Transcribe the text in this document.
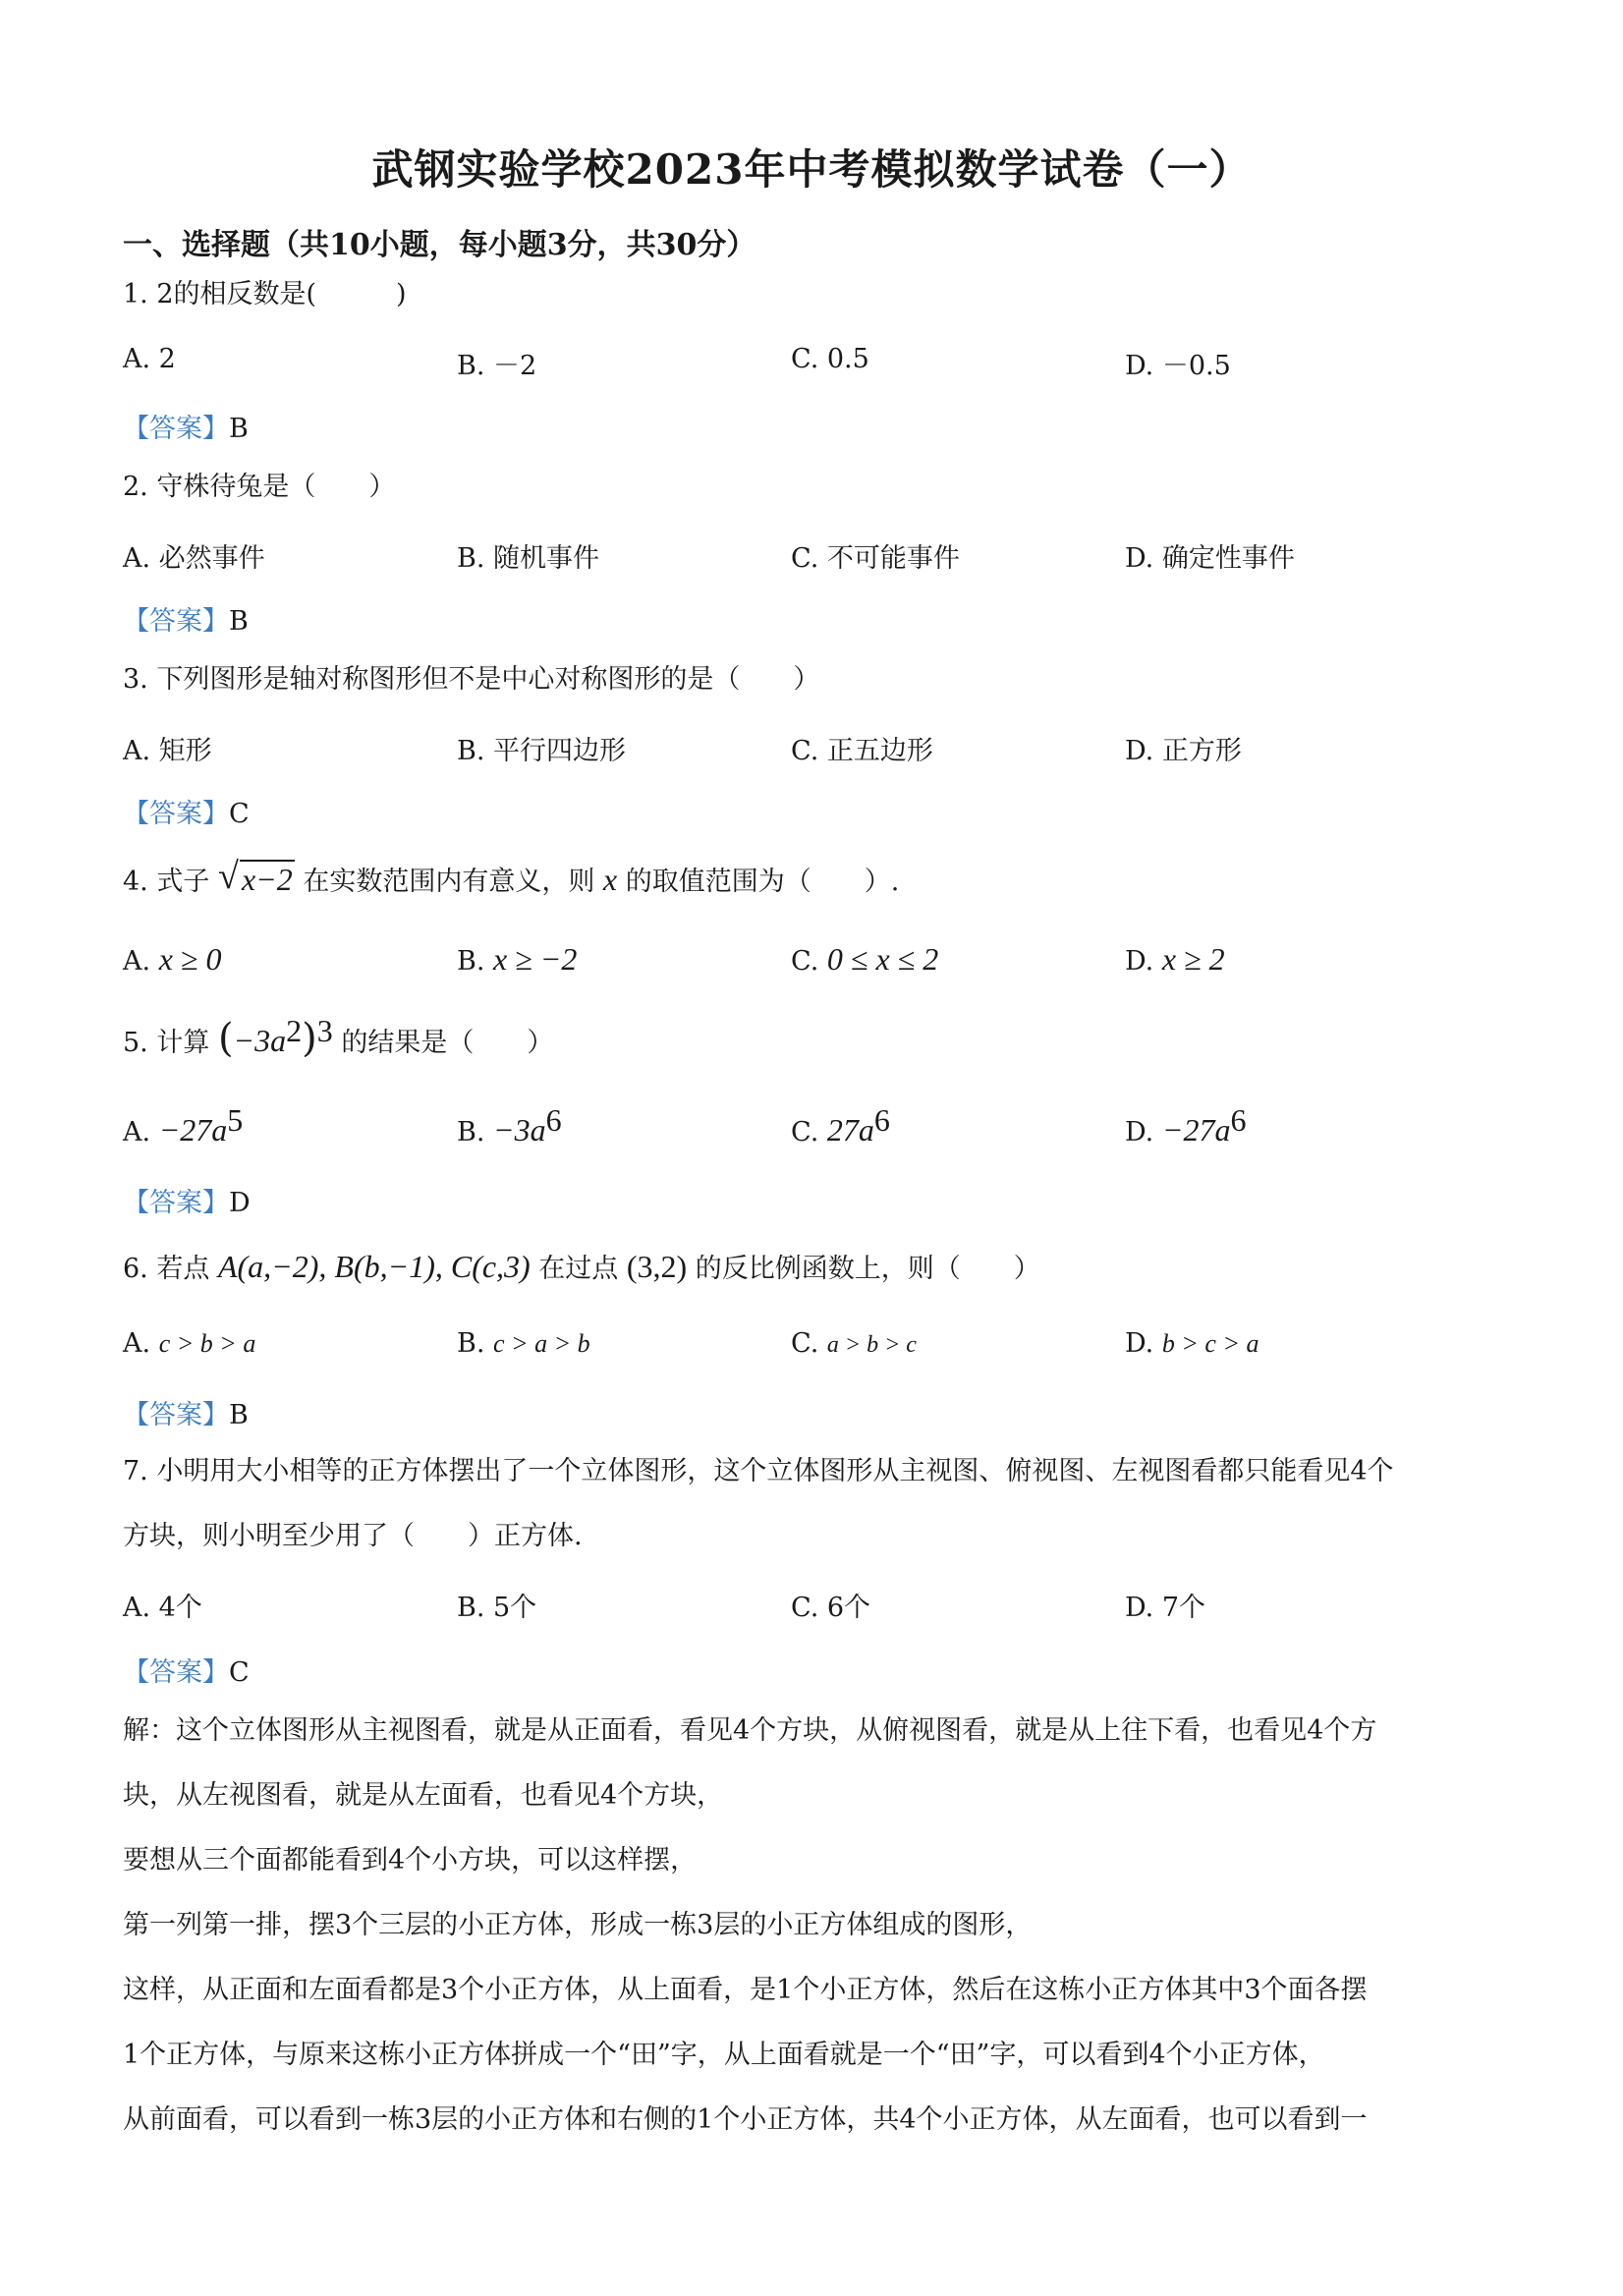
武钢实验学校2023年中考模拟数学试卷（一）
一、选择题（共10小题，每小题3分，共30分）
1. 2的相反数是(　　　)
A. 2	B. －2	C. 0.5	D. －0.5
【答案】B
2. 守株待兔是（　　）
A. 必然事件	B. 随机事件	C. 不可能事件	D. 确定性事件
【答案】B
3. 下列图形是轴对称图形但不是中心对称图形的是（　　）
A. 矩形	B. 平行四边形	C. 正五边形	D. 正方形
【答案】C
4. 式子 √ x−2 在实数范围内有意义，则 x 的取值范围为（　　）.
A. x ≥ 0	B. x ≥ −2	C. 0 ≤ x ≤ 2	D. x ≥ 2
5. 计算 $(-3a^2)^3$ 的结果是（　　）
A. $-27a^5$	B. $-3a^6$	C. $27a^6$	D. $-27a^6$
【答案】D
6. 若点 A(a,−2), B(b,−1), C(c,3) 在过点 (3,2) 的反比例函数上，则（　　）
A. c > b > a	B. c > a > b	C. a > b > c	D. b > c > a
【答案】B
7. 小明用大小相等的正方体摆出了一个立体图形，这个立体图形从主视图、俯视图、左视图看都只能看见4个
方块，则小明至少用了（　　）正方体.
A. 4个	B. 5个	C. 6个	D. 7个
【答案】C
解：这个立体图形从主视图看，就是从正面看，看见4个方块，从俯视图看，就是从上往下看，也看见4个方
块，从左视图看，就是从左面看，也看见4个方块，
要想从三个面都能看到4个小方块，可以这样摆，
第一列第一排，摆3个三层的小正方体，形成一栋3层的小正方体组成的图形，
这样，从正面和左面看都是3个小正方体，从上面看，是1个小正方体，然后在这栋小正方体其中3个面各摆
1个正方体，与原来这栋小正方体拼成一个“田”字，从上面看就是一个“田”字，可以看到4个小正方体，
从前面看，可以看到一栋3层的小正方体和右侧的1个小正方体，共4个小正方体，从左面看，也可以看到一
